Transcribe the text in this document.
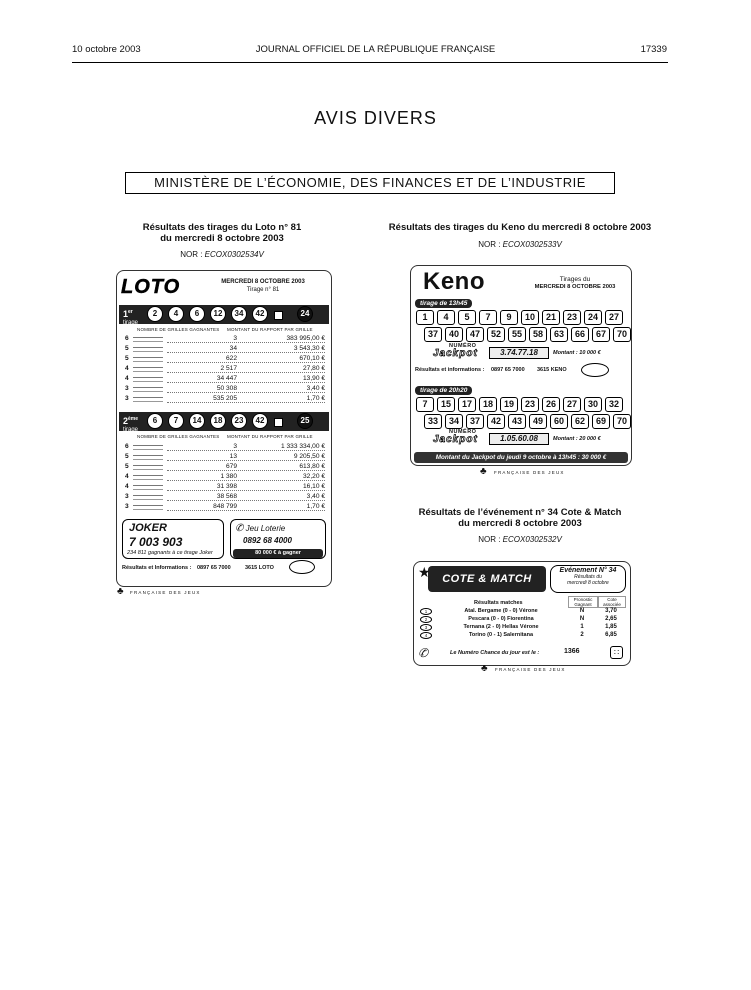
10 octobre 2003	JOURNAL OFFICIEL DE LA RÉPUBLIQUE FRANÇAISE	17339
AVIS DIVERS
MINISTÈRE DE L’ÉCONOMIE, DES FINANCES ET DE L’INDUSTRIE
Résultats des tirages du Loto n° 81
du mercredi 8 octobre 2003
NOR : ECOX0302534V
LOTO	MERCREDI 8 OCTOBRE 2003
Tirage n° 81
1er
tirage
2	4	6	12	34	42	24
NOMBRE DE GRILLES GAGNANTES MONTANT DU RAPPORT PAR GRILLE
6	3	383 995,00 €
5	34	3 543,30 €
5	622	670,10 €
4	2 517	27,80 €
4	34 447	13,90 €
3	50 308	3,40 €
3	535 205	1,70 €
2ème
tirage
6	7	14	18	23	42	25
NOMBRE DE GRILLES GAGNANTES MONTANT DU RAPPORT PAR GRILLE
6	3	1 333 334,00 €
5	13	9 205,50 €
5	679	613,80 €
4	1 380	32,20 €
4	31 398	16,10 €
3	38 568	3,40 €
3	848 799	1,70 €
JOKER
7 003 903
234 811 gagnants à ce tirage Joker
✆ Jeu Loterie
0892 68 4000
80 000 € à gagner
Résultats et Informations : 0897 65 7000	3615 LOTO
♣ FRANÇAISE DES JEUX
Résultats des tirages du Keno du mercredi 8 octobre 2003
NOR : ECOX0302533V
Keno	Tirages du
MERCREDI 8 OCTOBRE 2003
tirage de 13h45
1	4	5	7	9	10	21	23	24	27
37	40	47	52	55	58	63	66	67	70
NUMÉRO
Jackpot	3.74.77.18	Montant : 10 000 €
Résultats et informations : 0897 65 7000 3615 KENO
tirage de 20h20
7	15	17	18	19	23	26	27	30	32
33	34	37	42	43	49	60	62	69	70
NUMÉRO
Jackpot	1.05.60.08	Montant : 20 000 €
Montant du Jackpot du jeudi 9 octobre à 13h45 : 30 000 €
♣ FRANÇAISE DES JEUX
Résultats de l’événement n° 34 Cote & Match
du mercredi 8 octobre 2003
NOR : ECOX0302532V
COTE & MATCH
★	Evénement N° 34
Résultats du
mercredi 8 octobre
Résultats matches
Pronostic Gagnant
Cote associée
1	Atal. Bergame (0 - 0) Vérone	N	3,70
2	Pescara (0 - 0) Fiorentina	N	2,65
3	Ternana (2 - 0) Hellas Vérone	1	1,85
4	Torino (0 - 1) Salernitana	2	6,85
✆	Le Numéro Chance du jour est le :	1366	∷
♣ FRANÇAISE DES JEUX
